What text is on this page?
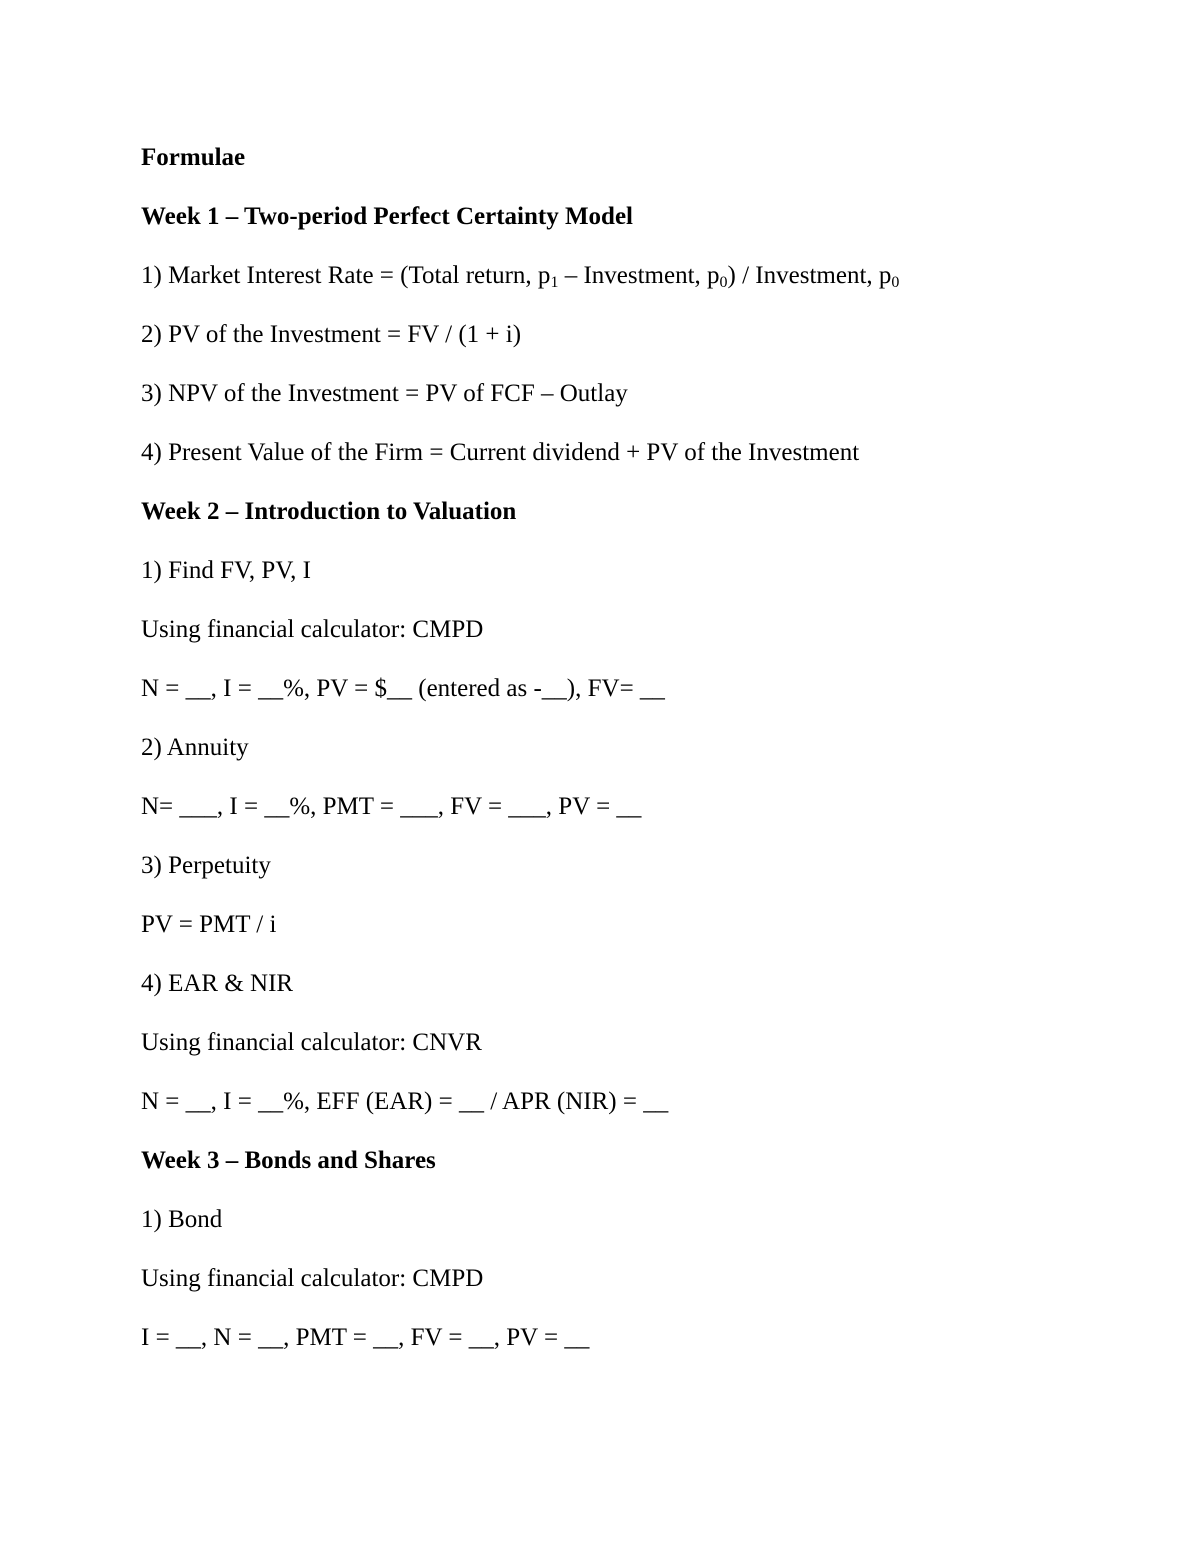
Formulae
Week 1 – Two-period Perfect Certainty Model
1) Market Interest Rate = (Total return, p1 – Investment, p0) / Investment, p0
2) PV of the Investment = FV / (1 + i)
3) NPV of the Investment = PV of FCF – Outlay
4) Present Value of the Firm = Current dividend + PV of the Investment
Week 2 – Introduction to Valuation
1) Find FV, PV, I
Using financial calculator: CMPD
N = __, I = __%, PV = $__ (entered as -__), FV= __
2) Annuity
N= ___, I = __%, PMT = ___, FV = ___, PV = __
3) Perpetuity
PV = PMT / i
4) EAR & NIR
Using financial calculator: CNVR
N = __, I = __%, EFF (EAR) = __ / APR (NIR) = __
Week 3 – Bonds and Shares
1) Bond
Using financial calculator: CMPD
I = __, N = __, PMT = __, FV = __, PV = __
